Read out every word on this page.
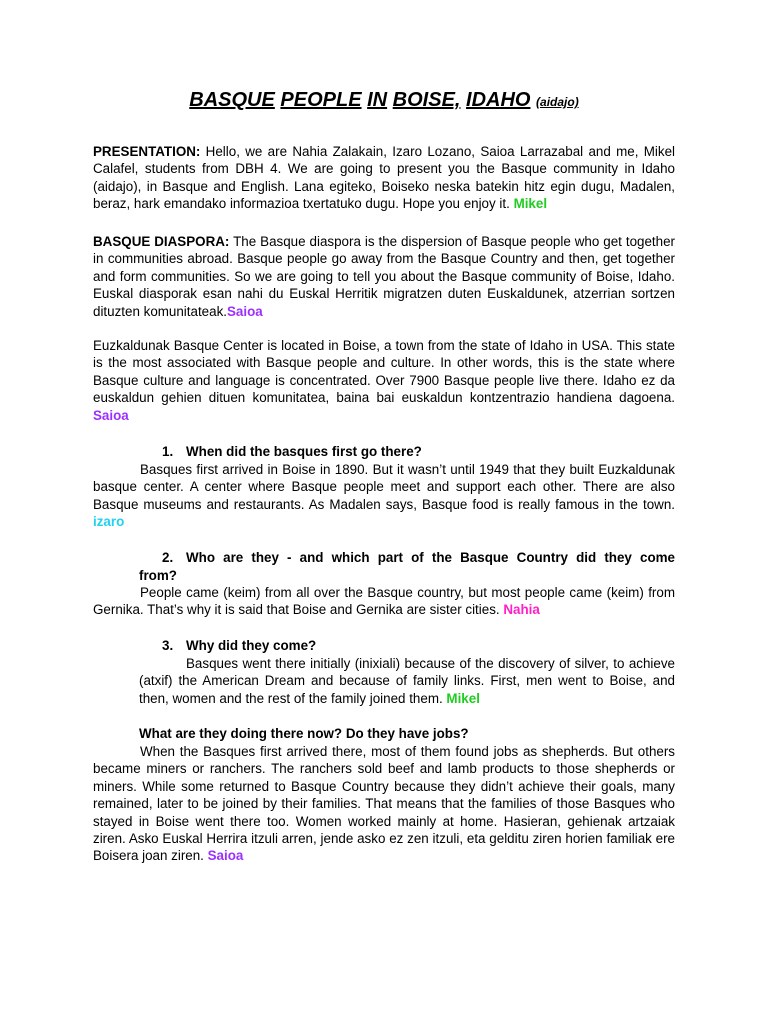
BASQUE PEOPLE IN BOISE, IDAHO (aidajo)
PRESENTATION: Hello, we are Nahia Zalakain, Izaro Lozano, Saioa Larrazabal and me, Mikel Calafel, students from DBH 4. We are going to present you the Basque community in Idaho (aidajo), in Basque and English. Lana egiteko, Boiseko neska batekin hitz egin dugu, Madalen, beraz, hark emandako informazioa txertatuko dugu. Hope you enjoy it. Mikel
BASQUE DIASPORA: The Basque diaspora is the dispersion of Basque people who get together in communities abroad. Basque people go away from the Basque Country and then, get together and form communities. So we are going to tell you about the Basque community of Boise, Idaho. Euskal diasporak esan nahi du Euskal Herritik migratzen duten Euskaldunek, atzerrian sortzen dituzten komunitateak.Saioa
Euzkaldunak Basque Center is located in Boise, a town from the state of Idaho in USA. This state is the most associated with Basque people and culture. In other words, this is the state where Basque culture and language is concentrated. Over 7900 Basque people live there. Idaho ez da euskaldun gehien dituen komunitatea, baina bai euskaldun kontzentrazio handiena dagoena. Saioa
1. When did the basques first go there?
Basques first arrived in Boise in 1890. But it wasn’t until 1949 that they built Euzkaldunak basque center. A center where Basque people meet and support each other. There are also Basque museums and restaurants. As Madalen says, Basque food is really famous in the town. izaro
2. Who are they - and which part of the Basque Country did they come
from?
People came (keim) from all over the Basque country, but most people came (keim) from Gernika. That’s why it is said that Boise and Gernika are sister cities. Nahia
3. Why did they come?
Basques went there initially (inixiali) because of the discovery of silver, to achieve (atxif) the American Dream and because of family links. First, men went to Boise, and then, women and the rest of the family joined them. Mikel
What are they doing there now? Do they have jobs?
When the Basques first arrived there, most of them found jobs as shepherds. But others became miners or ranchers. The ranchers sold beef and lamb products to those shepherds or miners. While some returned to Basque Country because they didn’t achieve their goals, many remained, later to be joined by their families. That means that the families of those Basques who stayed in Boise went there too. Women worked mainly at home. Hasieran, gehienak artzaiak ziren. Asko Euskal Herrira itzuli arren, jende asko ez zen itzuli, eta gelditu ziren horien familiak ere Boisera joan ziren. Saioa
